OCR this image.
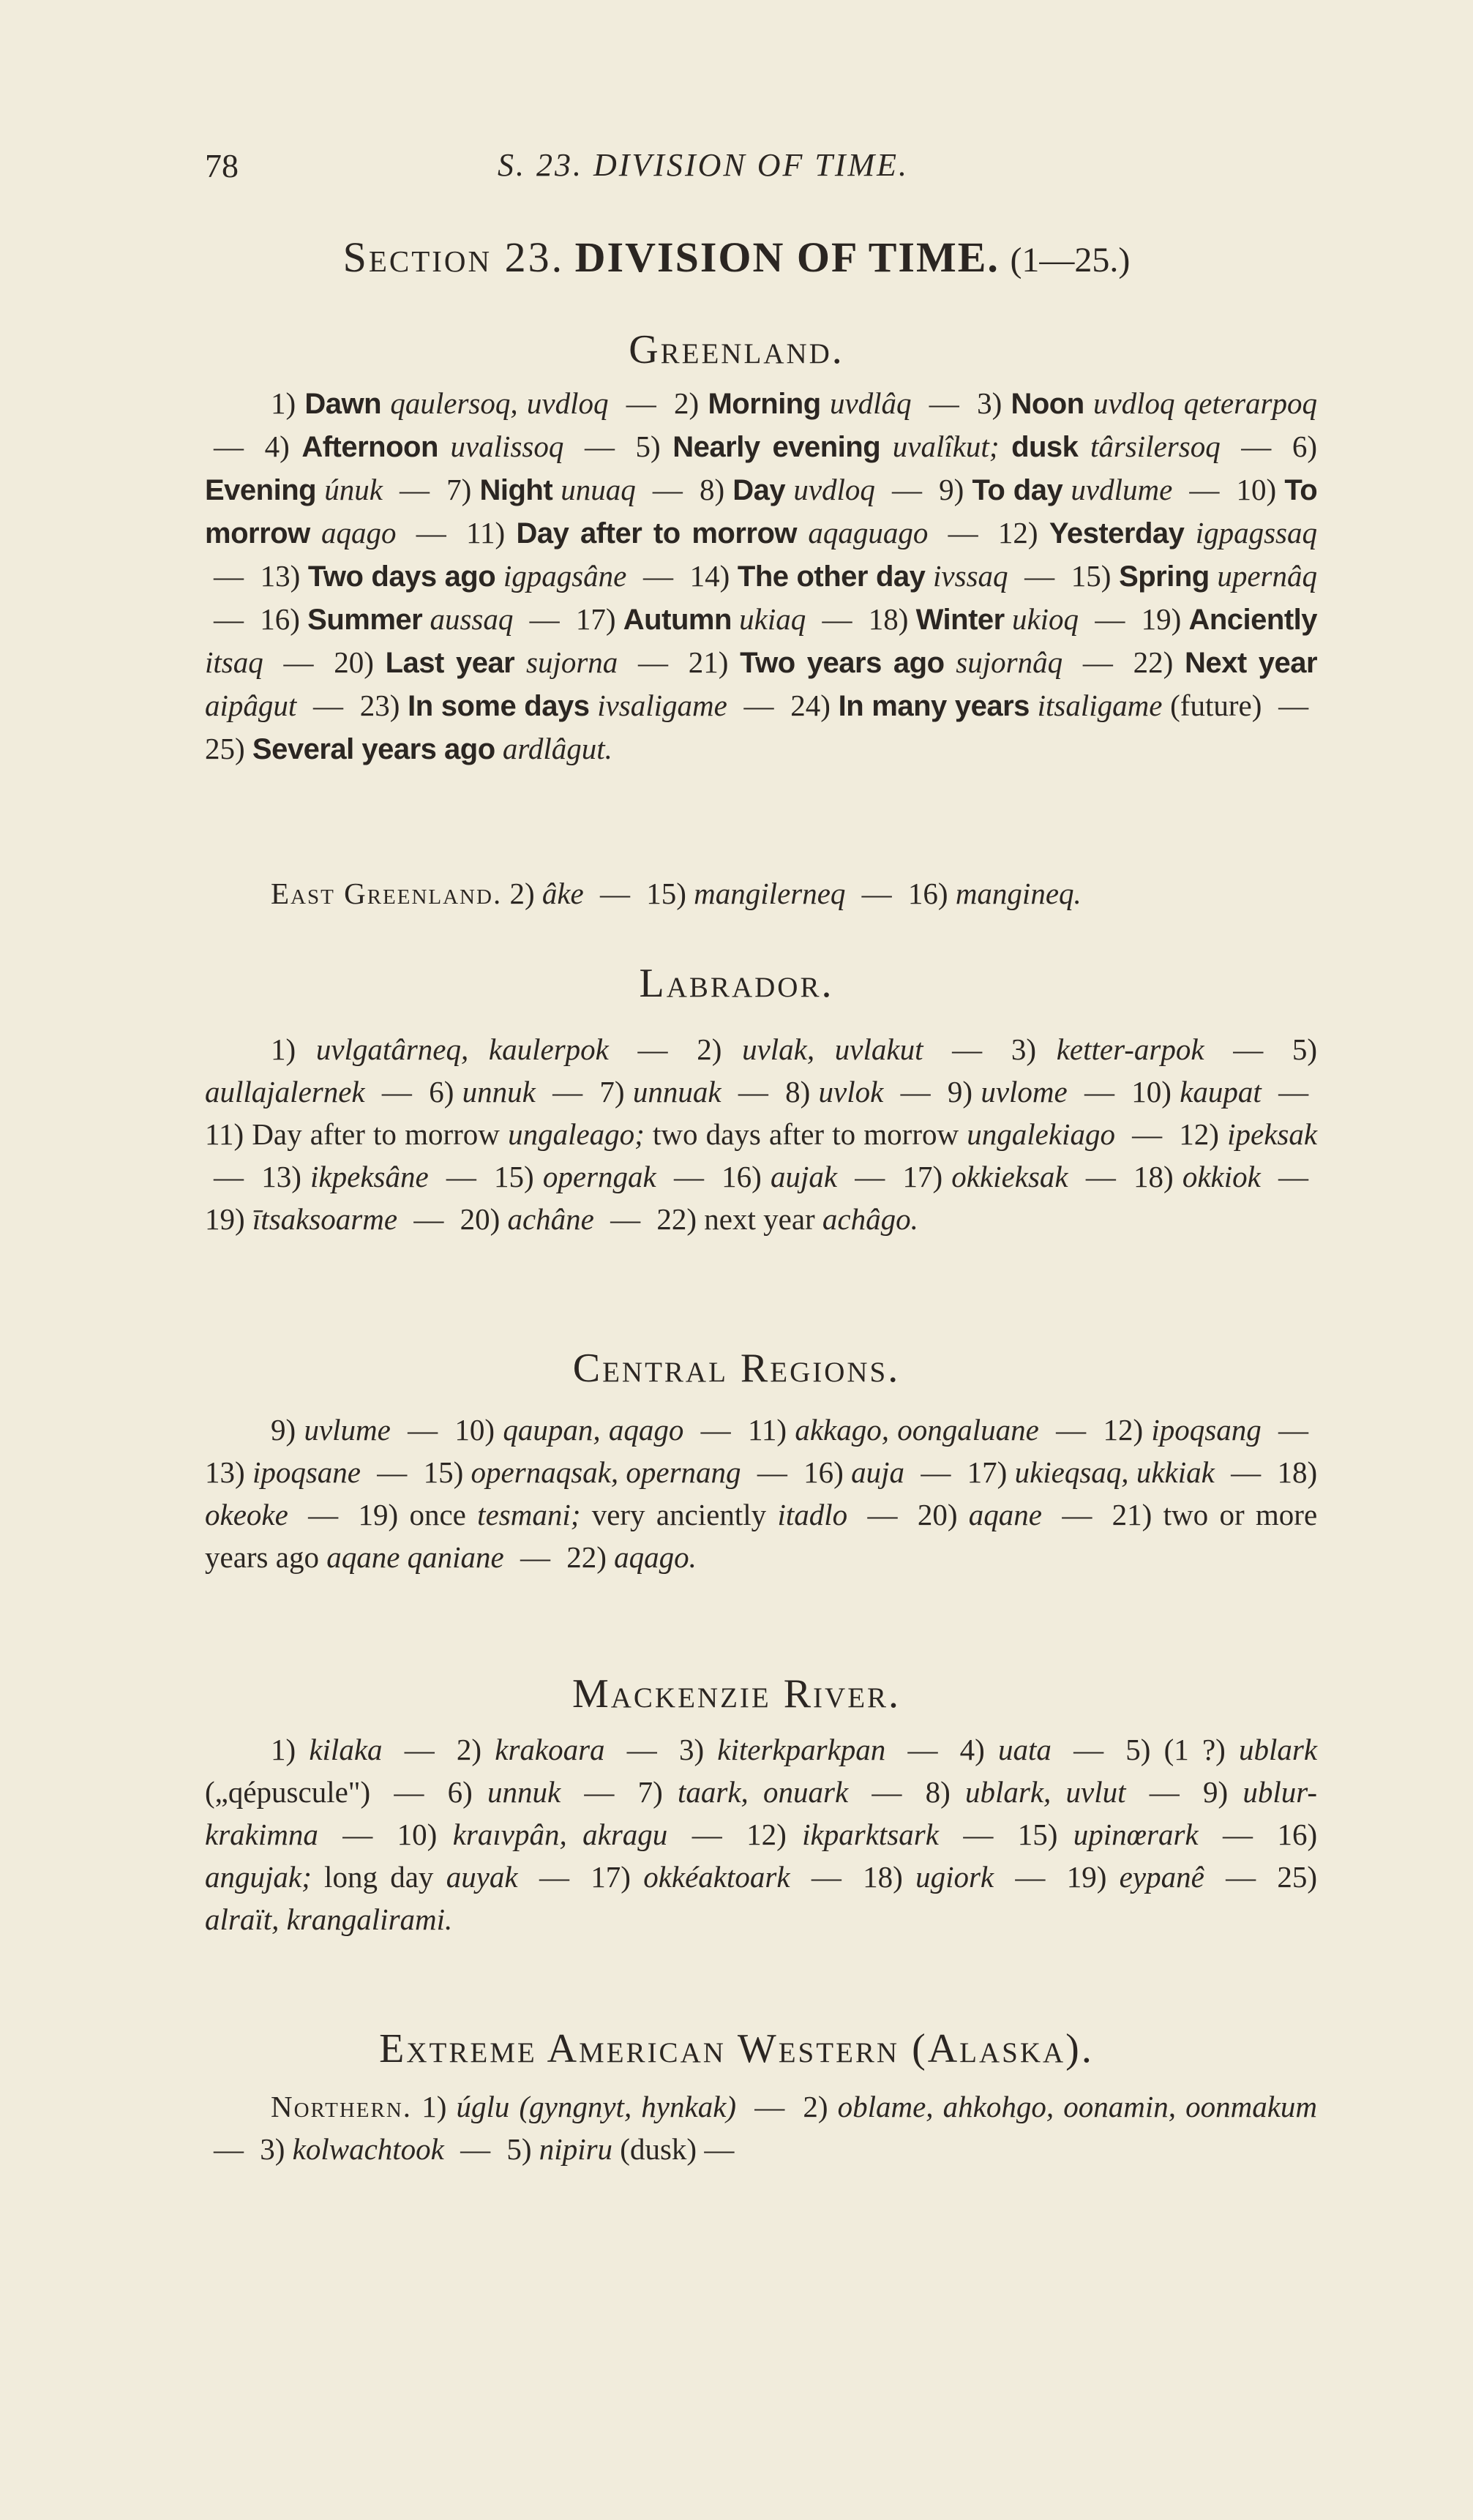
78	S. 23. DIVISION OF TIME.
Section 23. DIVISION OF TIME. (1—25.)
Greenland.

1) Dawn qaulersoq, uvdloq — 2) Morning uvdlâq — 3) Noon uvdloq qeterarpoq — 4) Afternoon uvalissoq — 5) Nearly evening uvalîkut; dusk târsilersoq — 6) Evening únuk — 7) Night unuaq — 8) Day uvdloq — 9) To day uvdlume — 10) To morrow aqago — 11) Day after to morrow aqaguago — 12) Yesterday igpagssaq — 13) Two days ago igpagsâne — 14) The other day ivssaq — 15) Spring upernâq — 16) Summer aussaq — 17) Autumn ukiaq — 18) Winter ukioq — 19) Anciently itsaq — 20) Last year sujorna — 21) Two years ago sujornâq — 22) Next year aipâgut — 23) In some days ivsaligame — 24) In many years itsaligame (future) — 25) Several years ago ardlâgut.

East Greenland. 2) âke — 15) mangilerneq — 16) mangineq.

Labrador.

1) uvlgatârneq, kaulerpok — 2) uvlak, uvlakut — 3) ketter-arpok — 5) aullajalernek — 6) unnuk — 7) unnuak — 8) uvlok — 9) uvlome — 10) kaupat — 11) Day after to morrow ungaleago; two days after to morrow ungalekiago — 12) ipeksak — 13) ikpeksâne — 15) operngak — 16) aujak — 17) okkieksak — 18) okkiok — 19) ītsaksoarme — 20) achâne — 22) next year achâgo.

Central Regions.

9) uvlume — 10) qaupan, aqago — 11) akkago, oongaluane — 12) ipoqsang — 13) ipoqsane — 15) opernaqsak, opernang — 16) auja — 17) ukieqsaq, ukkiak — 18) okeoke — 19) once tesmani; very anciently itadlo — 20) aqane — 21) two or more years ago aqane qaniane — 22) aqago.

Mackenzie River.

1) kilaka — 2) krakoara — 3) kiterkparkpan — 4) uata — 5) (1 ?) ublark („qépuscule") — 6) unnuk — 7) taark, onuark — 8) ublark, uvlut — 9) ublur-krakimna — 10) kraıvpân, akragu — 12) ikparktsark — 15) upinœrark — 16) angujak; long day auyak — 17) okkéaktoark — 18) ugiork — 19) eypanê — 25) alraït, krangalirami.

Extreme American Western (Alaska).

Northern. 1) úglu (gyngnyt, hynkak) — 2) oblame, ahkohgo, oonamin, oonmakum — 3) kolwachtook — 5) nipiru (dusk) —
